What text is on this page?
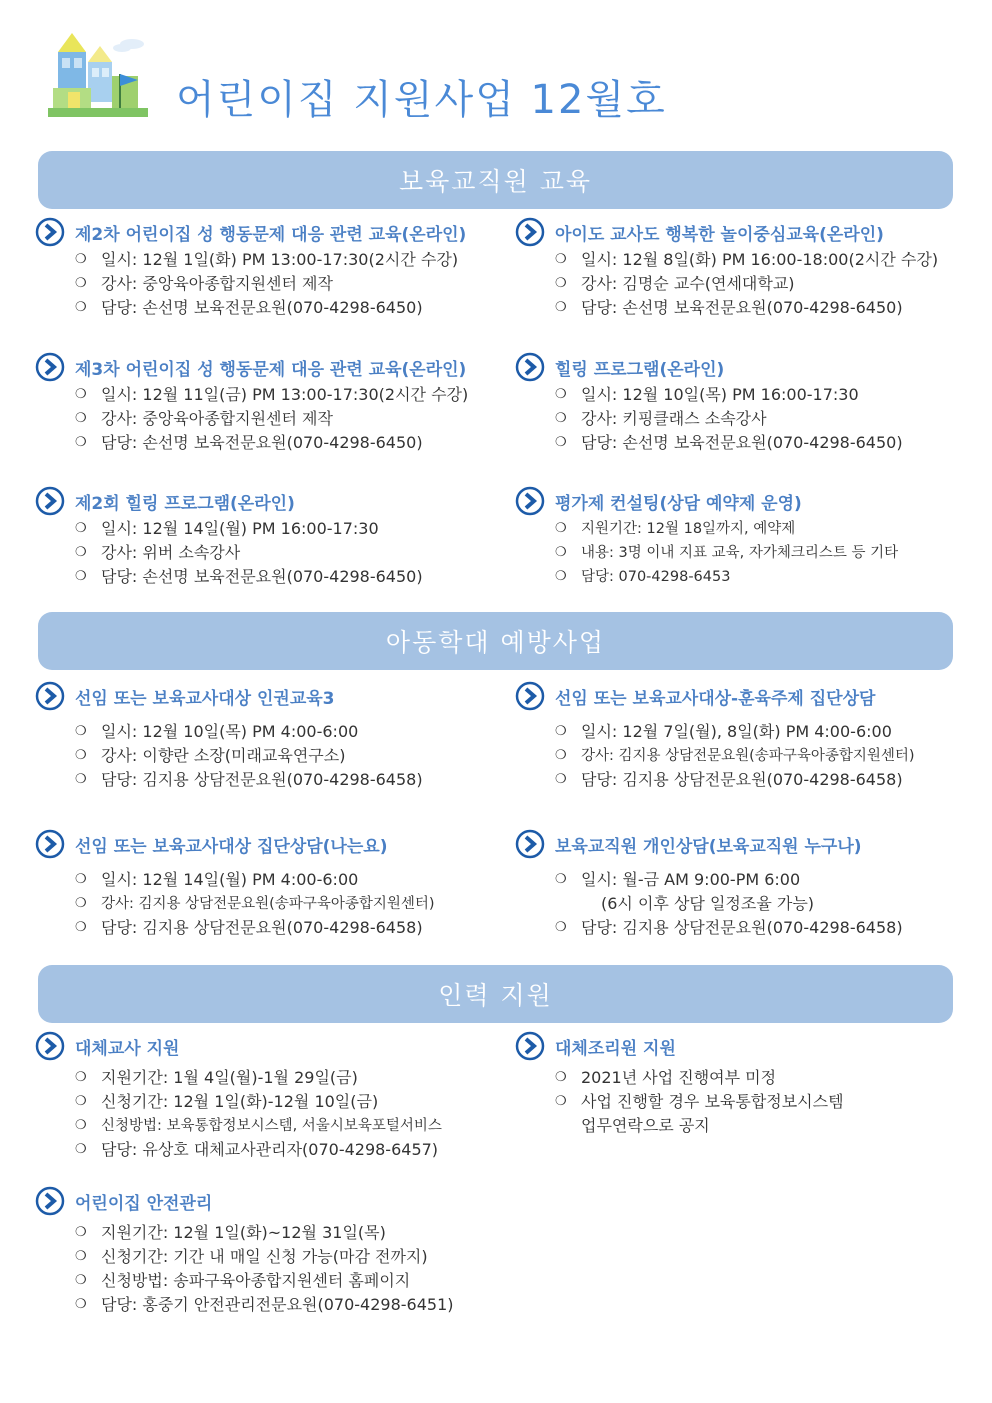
어린이집 지원사업 12월호
보육교직원 교육
제2차 어린이집 성 행동문제 대응 관련 교육(온라인)
❍ 일시: 12월 1일(화) PM 13:00-17:30(2시간 수강)
❍ 강사: 중앙육아종합지원센터 제작
❍ 담당: 손선명 보육전문요원(070-4298-6450)
아이도 교사도 행복한 놀이중심교육(온라인)
❍ 일시: 12월 8일(화) PM 16:00-18:00(2시간 수강)
❍ 강사: 김명순 교수(연세대학교)
❍ 담당: 손선명 보육전문요원(070-4298-6450)
제3차 어린이집 성 행동문제 대응 관련 교육(온라인)
❍ 일시: 12월 11일(금) PM 13:00-17:30(2시간 수강)
❍ 강사: 중앙육아종합지원센터 제작
❍ 담당: 손선명 보육전문요원(070-4298-6450)
힐링 프로그램(온라인)
❍ 일시: 12월 10일(목) PM 16:00-17:30
❍ 강사: 키핑클래스 소속강사
❍ 담당: 손선명 보육전문요원(070-4298-6450)
제2회 힐링 프로그램(온라인)
❍ 일시: 12월 14일(월) PM 16:00-17:30
❍ 강사: 위버 소속강사
❍ 담당: 손선명 보육전문요원(070-4298-6450)
평가제 컨설팅(상담 예약제 운영)
❍ 지원기간: 12월 18일까지, 예약제
❍ 내용: 3명 이내 지표 교육, 자가체크리스트 등 기타
❍ 담당: 070-4298-6453
아동학대 예방사업
선임 또는 보육교사대상 인권교육3
❍ 일시: 12월 10일(목) PM 4:00-6:00
❍ 강사: 이향란 소장(미래교육연구소)
❍ 담당: 김지용 상담전문요원(070-4298-6458)
선임 또는 보육교사대상-훈육주제 집단상담
❍ 일시: 12월 7일(월), 8일(화) PM 4:00-6:00
❍ 강사: 김지용 상담전문요원(송파구육아종합지원센터)
❍ 담당: 김지용 상담전문요원(070-4298-6458)
선임 또는 보육교사대상 집단상담(나는요)
❍ 일시: 12월 14일(월) PM 4:00-6:00
❍ 강사: 김지용 상담전문요원(송파구육아종합지원센터)
❍ 담당: 김지용 상담전문요원(070-4298-6458)
보육교직원 개인상담(보육교직원 누구나)
❍ 일시: 월-금 AM 9:00-PM 6:00
(6시 이후 상담 일정조율 가능)
❍ 담당: 김지용 상담전문요원(070-4298-6458)
인력 지원
대체교사 지원
❍ 지원기간: 1월 4일(월)-1월 29일(금)
❍ 신청기간: 12월 1일(화)-12월 10일(금)
❍ 신청방법: 보육통합정보시스템, 서울시보육포털서비스
❍ 담당: 유상호 대체교사관리자(070-4298-6457)
대체조리원 지원
❍ 2021년 사업 진행여부 미정
❍ 사업 진행할 경우 보육통합정보시스템
업무연락으로 공지
어린이집 안전관리
❍ 지원기간: 12월 1일(화)~12월 31일(목)
❍ 신청기간: 기간 내 매일 신청 가능(마감 전까지)
❍ 신청방법: 송파구육아종합지원센터 홈페이지
❍ 담당: 홍중기 안전관리전문요원(070-4298-6451)
